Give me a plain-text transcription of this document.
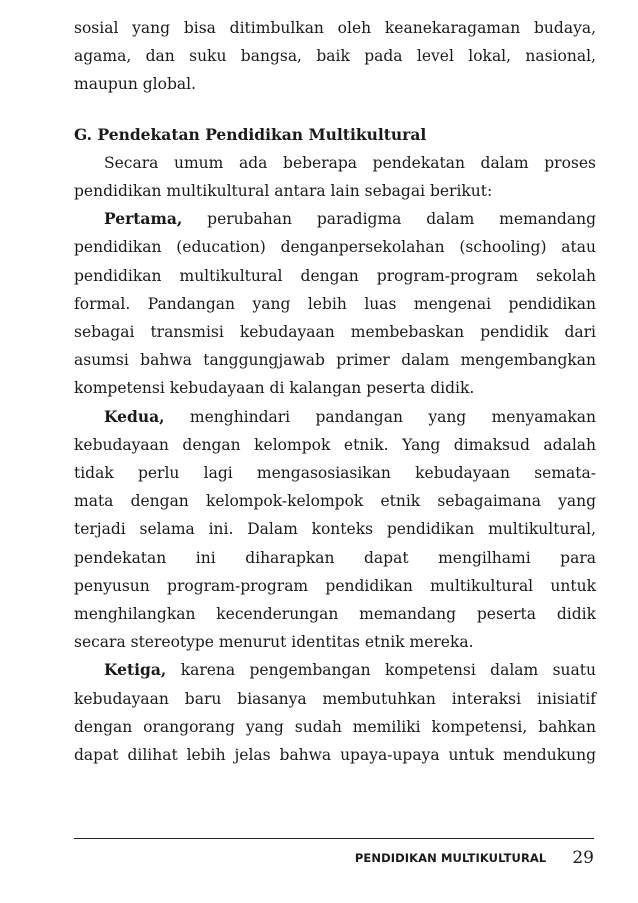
sosial yang bisa ditimbulkan oleh keanekaragaman budaya,
agama, dan suku bangsa, baik pada level lokal, nasional,
maupun global.
G. Pendekatan Pendidikan Multikultural
Secara umum ada beberapa pendekatan dalam proses
pendidikan multikultural antara lain sebagai berikut:
Pertama, perubahan paradigma dalam memandang
pendidikan (education) denganpersekolahan (schooling) atau
pendidikan multikultural dengan program-program sekolah
formal. Pandangan yang lebih luas mengenai pendidikan
sebagai transmisi kebudayaan membebaskan pendidik dari
asumsi bahwa tanggungjawab primer dalam mengembangkan
kompetensi kebudayaan di kalangan peserta didik.
Kedua, menghindari pandangan yang menyamakan
kebudayaan dengan kelompok etnik. Yang dimaksud adalah
tidak perlu lagi mengasosiasikan kebudayaan semata-
mata dengan kelompok-kelompok etnik sebagaimana yang
terjadi selama ini. Dalam konteks pendidikan multikultural,
pendekatan ini diharapkan dapat mengilhami para
penyusun program-program pendidikan multikultural untuk
menghilangkan kecenderungan memandang peserta didik
secara stereotype menurut identitas etnik mereka.
Ketiga, karena pengembangan kompetensi dalam suatu
kebudayaan baru biasanya membutuhkan interaksi inisiatif
dengan orangorang yang sudah memiliki kompetensi, bahkan
dapat dilihat lebih jelas bahwa upaya-upaya untuk mendukung
PENDIDIKAN MULTIKULTURAL 29
